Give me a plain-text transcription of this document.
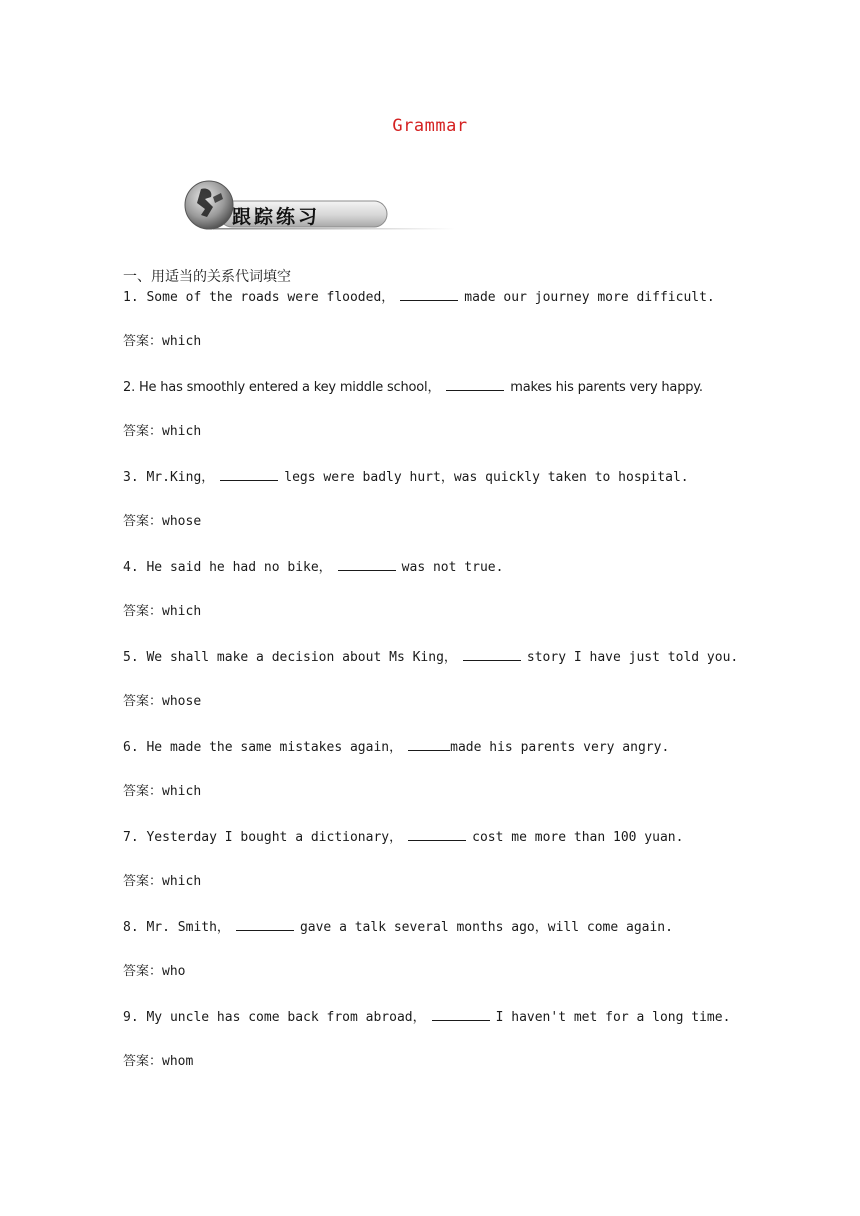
Grammar
跟踪练习
一、用适当的关系代词填空
1. Some of the roads were flooded，	made our journey more difficult.
答案：which
2. He has smoothly entered a key middle school，	makes his parents very happy.
答案：which
3. Mr.King，	legs were badly hurt，was quickly taken to hospital.
答案：whose
4. He said he had no bike，	was not true.
答案：which
5. We shall make a decision about Ms King，	story I have just told you.
答案：whose
6. He made the same mistakes again，	made his parents very angry.
答案：which
7. Yesterday I bought a dictionary，	cost me more than 100 yuan.
答案：which
8. Mr. Smith，	gave a talk several months ago，will come again.
答案：who
9. My uncle has come back from abroad，	I haven't met for a long time.
答案：whom
